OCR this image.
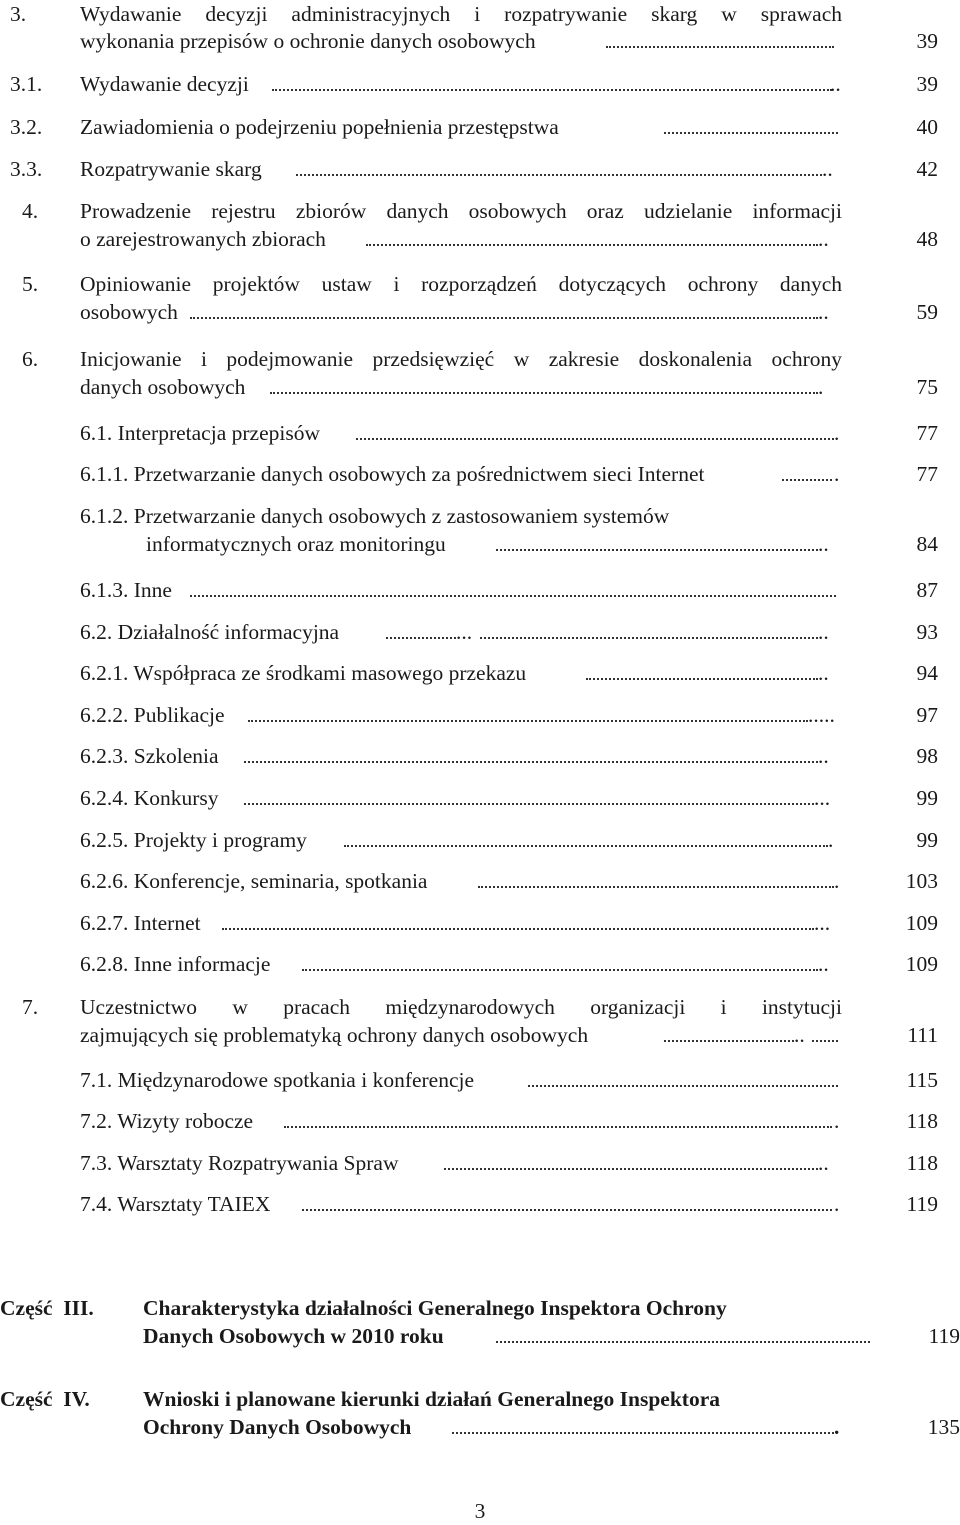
3.	Wydawanie decyzji administracyjnych i rozpatrywanie skarg w sprawach
wykonania przepisów o ochronie danych osobowych	39
3.1. Wydawanie decyzji	..	39
3.2. Zawiadomienia o podejrzeniu popełnienia przestępstwa	40
3.3. Rozpatrywanie skarg	..	42
4. Prowadzenie rejestru zbiorów danych osobowych oraz udzielanie informacji
o zarejestrowanych zbiorach	..	48
5. Opiniowanie projektów ustaw i rozporządzeń dotyczących ochrony danych
osobowych	..	59
6. Inicjowanie i podejmowanie przedsięwzięć w zakresie doskonalenia ochrony
danych osobowych	.	75
6.1. Interpretacja przepisów	.	77
6.1.1. Przetwarzanie danych osobowych za pośrednictwem sieci Internet	.	77
6.1.2. Przetwarzanie danych osobowych z zastosowaniem systemów
informatycznych oraz monitoringu	..	84
6.1.3. Inne	87
6.2. Działalność informacyjna	...	..	93
6.2.1. Współpraca ze środkami masowego przekazu	..	94
6.2.2. Publikacje	.....	97
6.2.3. Szkolenia	..	98
6.2.4. Konkursy	...	99
6.2.5. Projekty i programy	.	99
6.2.6. Konferencje, seminaria, spotkania	.	103
6.2.7. Internet	...	109
6.2.8. Inne informacje	..	109
7. Uczestnictwo w pracach międzynarodowych organizacji i instytucji
zajmujących się problematyką ochrony danych osobowych	..	111
7.1. Międzynarodowe spotkania i konferencje	115
7.2. Wizyty robocze	.	118
7.3. Warsztaty Rozpatrywania Spraw	..	118
7.4. Warsztaty TAIEX	.	119
Część  III. Charakterystyka działalności Generalnego Inspektora Ochrony
Danych Osobowych w 2010 roku	119
Część  IV. Wnioski i planowane kierunki działań Generalnego Inspektora
Ochrony Danych Osobowych	.	135
3
